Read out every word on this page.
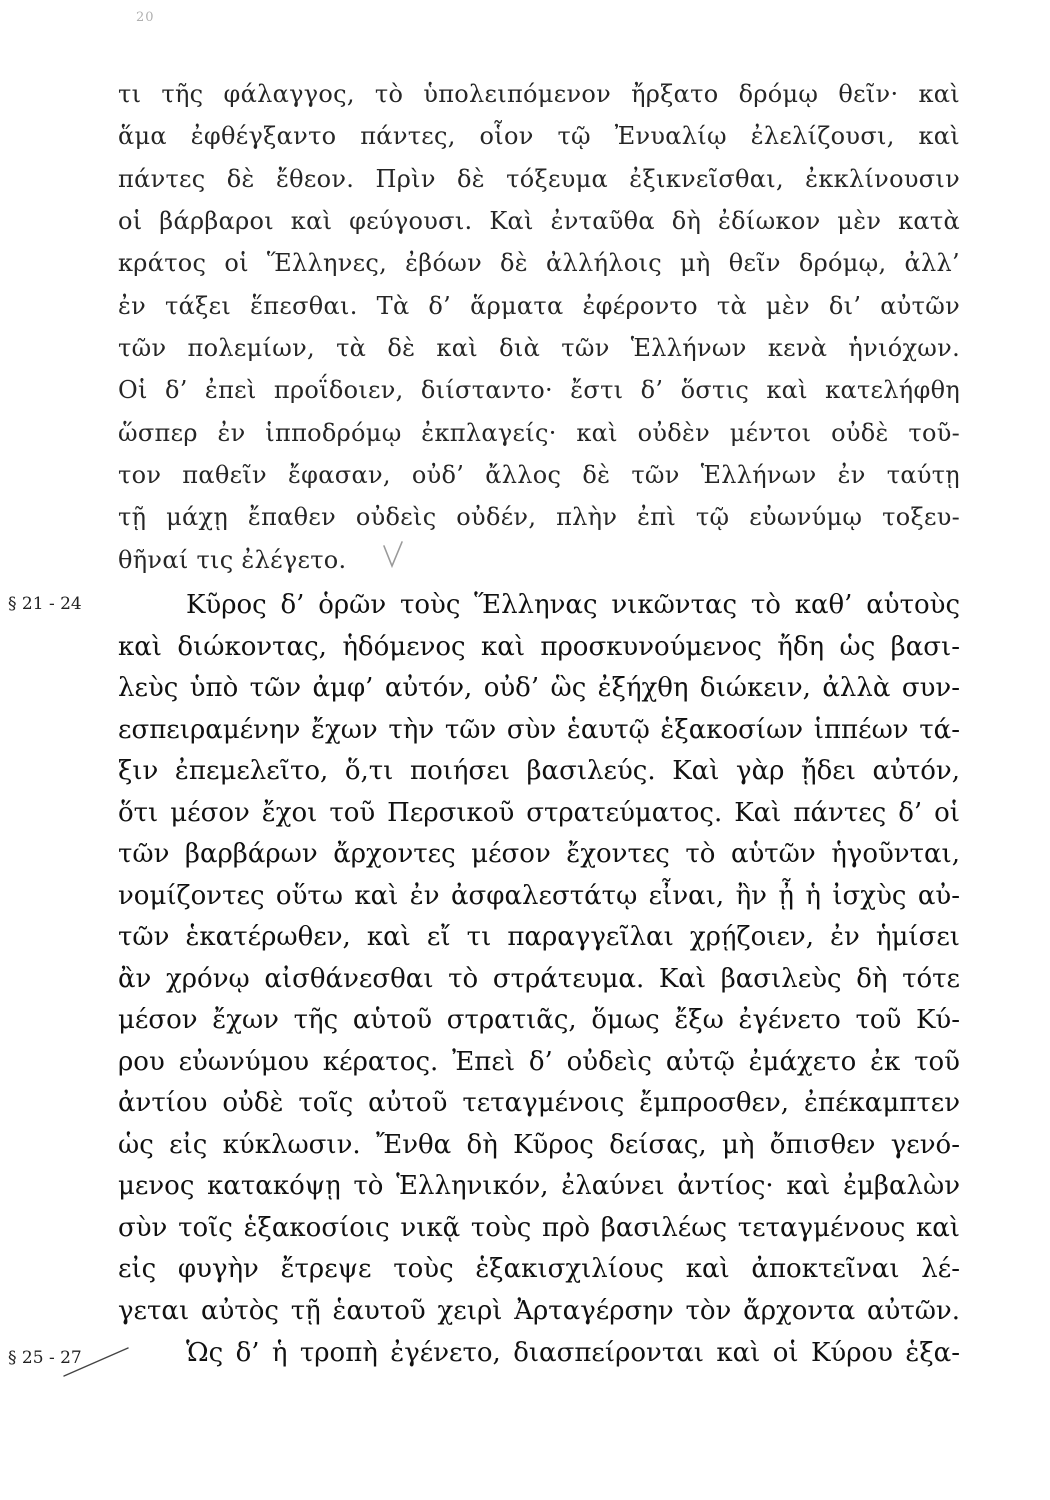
20
τι τῆς φάλαγγος, τὸ ὑπολειπόμενον ἤρξατο δρόμῳ θεῖν· καὶ
ἅμα ἐφθέγξαντο πάντες, οἷον τῷ Ἐνυαλίῳ ἐλελίζουσι, καὶ
πάντες δὲ ἔθεον. Πρὶν δὲ τόξευμα ἐξικνεῖσθαι, ἐκκλίνουσιν
οἱ βάρβαροι καὶ φεύγουσι. Καὶ ἐνταῦθα δὴ ἐδίωκον μὲν κατὰ
κράτος οἱ Ἕλληνες, ἐβόων δὲ ἀλλήλοις μὴ θεῖν δρόμῳ, ἀλλ’
ἐν τάξει ἕπεσθαι. Τὰ δ’ ἅρματα ἐφέροντο τὰ μὲν δι’ αὐτῶν
τῶν πολεμίων, τὰ δὲ καὶ διὰ τῶν Ἑλλήνων κενὰ ἡνιόχων.
Οἱ δ’ ἐπεὶ προΐδοιεν, διίσταντο· ἔστι δ’ ὅστις καὶ κατελήφθη
ὥσπερ ἐν ἱπποδρόμῳ ἐκπλαγείς· καὶ οὐδὲν μέντοι οὐδὲ τοῦ-
τον παθεῖν ἔφασαν, οὐδ’ ἄλλος δὲ τῶν Ἑλλήνων ἐν ταύτῃ
τῇ μάχῃ ἔπαθεν οὐδεὶς οὐδέν, πλὴν ἐπὶ τῷ εὐωνύμῳ τοξευ-
θῆναί τις ἐλέγετο.
§ 21 - 24
§ 25 - 27
Κῦρος δ’ ὁρῶν τοὺς Ἕλληνας νικῶντας τὸ καθ’ αὑτοὺς
καὶ διώκοντας, ἡδόμενος καὶ προσκυνούμενος ἤδη ὡς βασι-
λεὺς ὑπὸ τῶν ἀμφ’ αὐτόν, οὐδ’ ὣς ἐξήχθη διώκειν, ἀλλὰ συν-
εσπειραμένην ἔχων τὴν τῶν σὺν ἑαυτῷ ἑξακοσίων ἱππέων τά-
ξιν ἐπεμελεῖτο, ὅ,τι ποιήσει βασιλεύς. Καὶ γὰρ ᾔδει αὐτόν,
ὅτι μέσον ἔχοι τοῦ Περσικοῦ στρατεύματος. Καὶ πάντες δ’ οἱ
τῶν βαρβάρων ἄρχοντες μέσον ἔχοντες τὸ αὑτῶν ἡγοῦνται,
νομίζοντες οὕτω καὶ ἐν ἀσφαλεστάτῳ εἶναι, ἢν ᾖ ἡ ἰσχὺς αὐ-
τῶν ἑκατέρωθεν, καὶ εἴ τι παραγγεῖλαι χρῄζοιεν, ἐν ἡμίσει
ἂν χρόνῳ αἰσθάνεσθαι τὸ στράτευμα. Καὶ βασιλεὺς δὴ τότε
μέσον ἔχων τῆς αὑτοῦ στρατιᾶς, ὅμως ἔξω ἐγένετο τοῦ Κύ-
ρου εὐωνύμου κέρατος. Ἐπεὶ δ’ οὐδεὶς αὐτῷ ἐμάχετο ἐκ τοῦ
ἀντίου οὐδὲ τοῖς αὐτοῦ τεταγμένοις ἔμπροσθεν, ἐπέκαμπτεν
ὡς εἰς κύκλωσιν. Ἔνθα δὴ Κῦρος δείσας, μὴ ὄπισθεν γενό-
μενος κατακόψῃ τὸ Ἑλληνικόν, ἐλαύνει ἀντίος· καὶ ἐμβαλὼν
σὺν τοῖς ἑξακοσίοις νικᾷ τοὺς πρὸ βασιλέως τεταγμένους καὶ
εἰς φυγὴν ἔτρεψε τοὺς ἑξακισχιλίους καὶ ἀποκτεῖναι λέ-
γεται αὐτὸς τῇ ἑαυτοῦ χειρὶ Ἀρταγέρσην τὸν ἄρχοντα αὐτῶν.
Ὡς δ’ ἡ τροπὴ ἐγένετο, διασπείρονται καὶ οἱ Κύρου ἑξα-
